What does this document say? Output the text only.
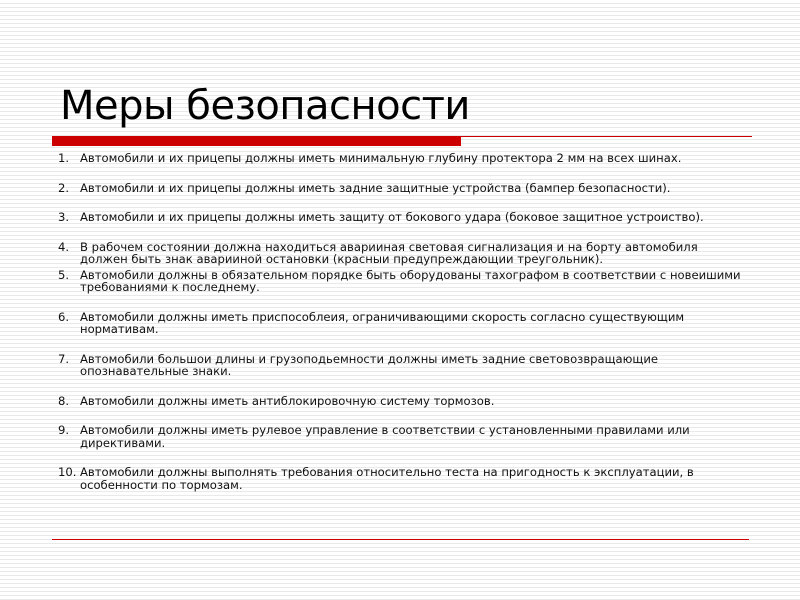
Меры безопасности
1. Автомобили и их прицепы должны иметь минимальную глубину протектора 2 мм на всех шинах.
2. Автомобили и их прицепы должны иметь задние защитные устройства (бампер безопасности).
3. Автомобили и их прицепы должны иметь защиту от бокового удара (боковое защитное устроиство).
4. В рабочем состоянии должна находиться аварииная световая сигнализация и на борту автомобиля должен быть знак аварииной остановки (красныи предупреждающии треугольник).
5. Автомобили должны в обязательном порядке быть оборудованы тахографом в соответствии с новеишими требованиями к последнему.
6. Автомобили должны иметь приспособлеия, ограничивающими скорость согласно существующим нормативам.
7. Автомобили большои длины и грузоподьемности должны иметь задние световозвращающие опознавательные знаки.
8. Автомобили должны иметь антиблокировочную систему тормозов.
9. Автомобили должны иметь рулевое управление в соответствии с установленными правилами или директивами.
10. Автомобили должны выполнять требования относительно теста на пригодность к эксплуатации, в особенности по тормозам.
